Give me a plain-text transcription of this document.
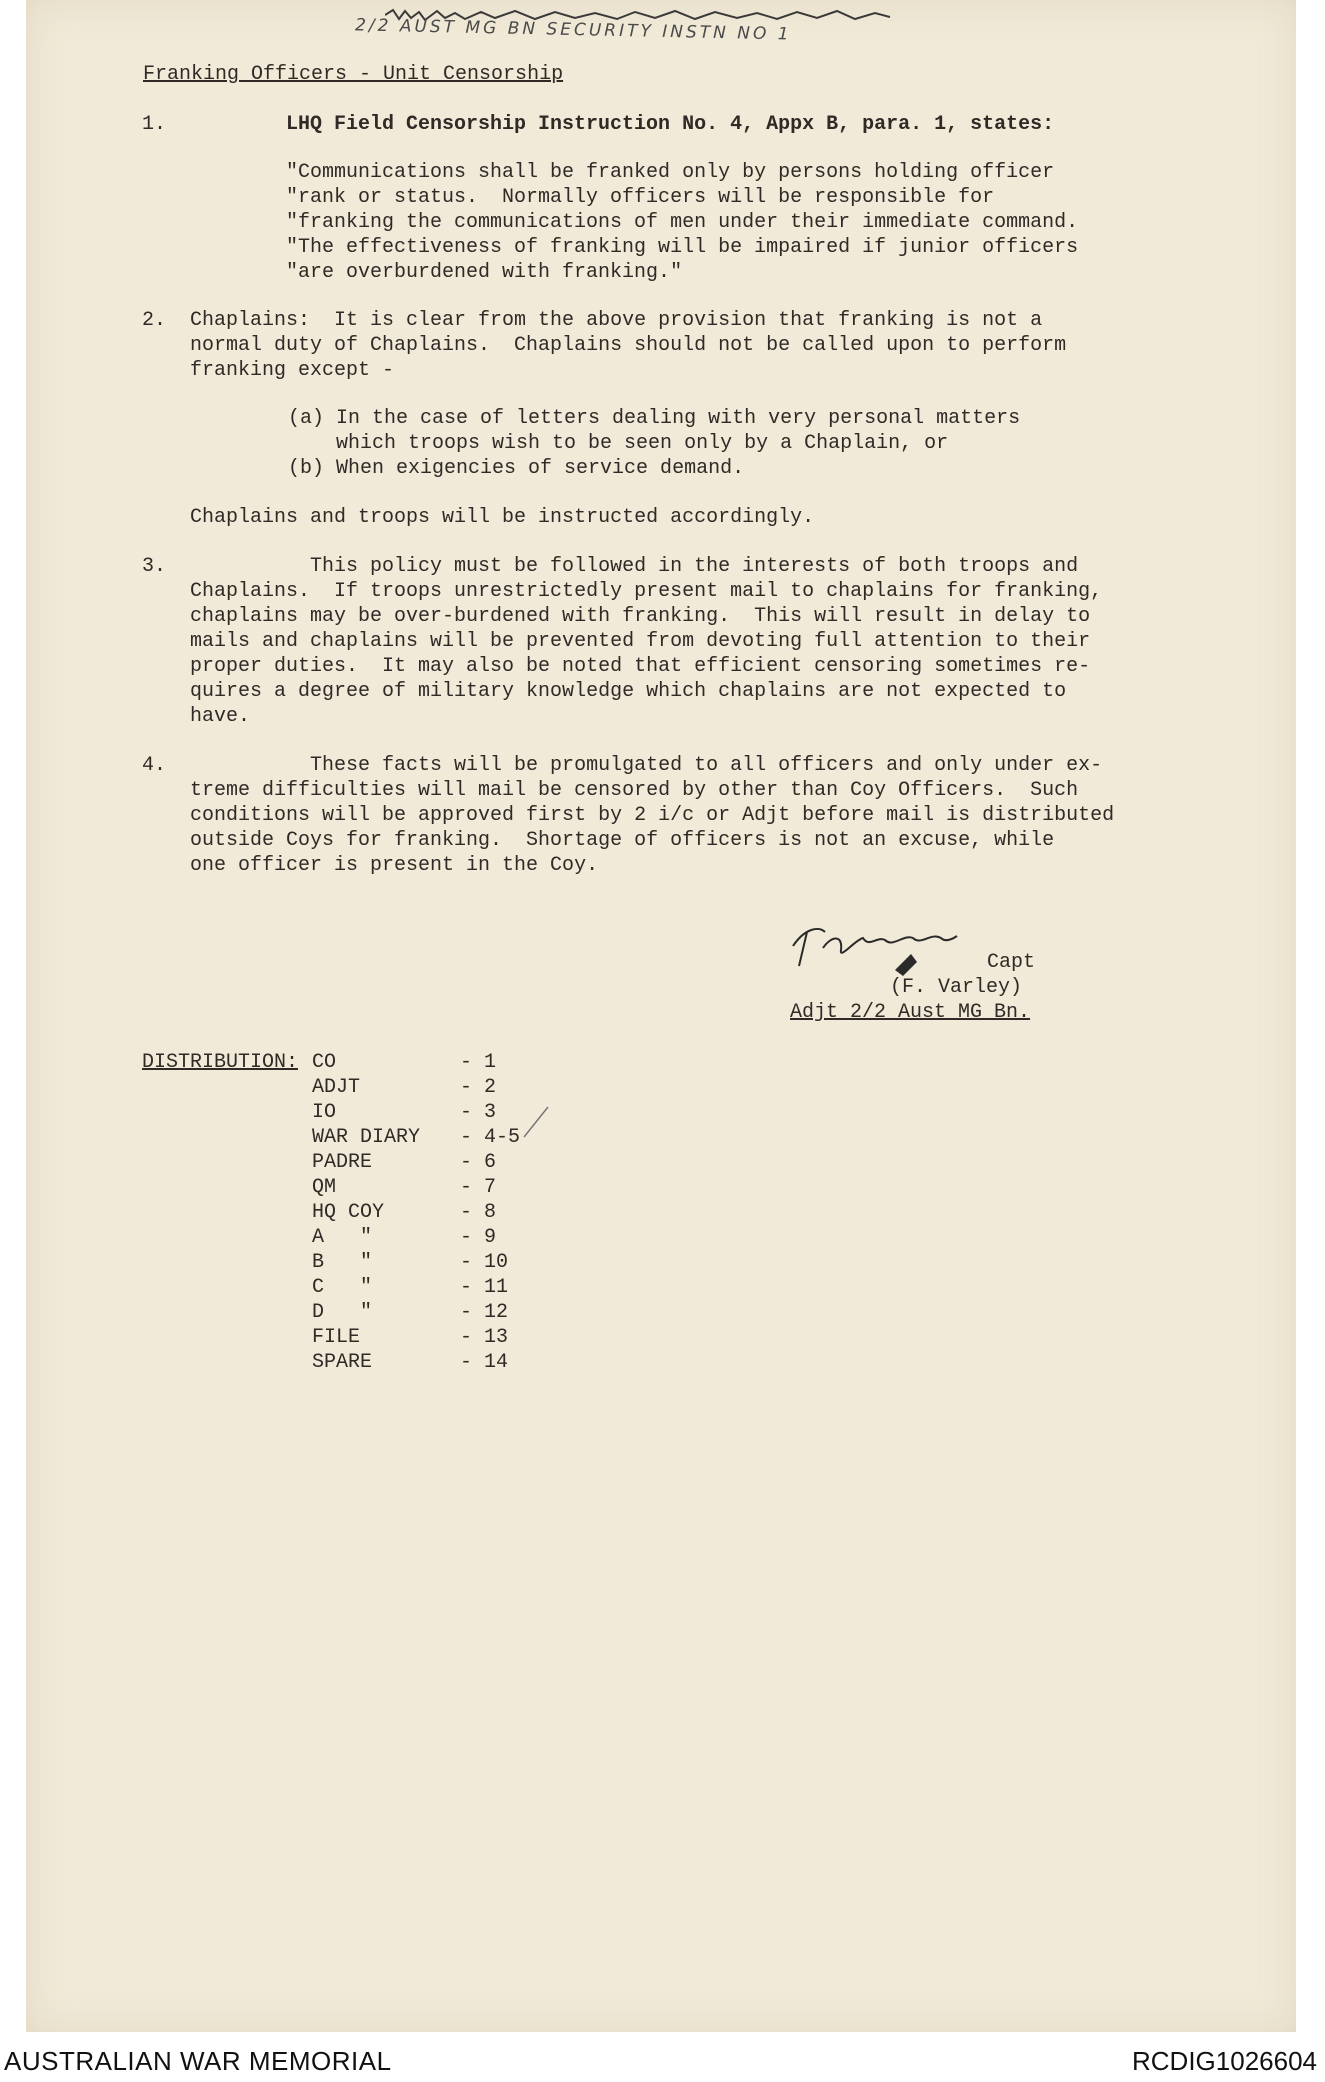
2/2 AUST MG BN SECURITY INSTN NO 1
Franking Officers - Unit Censorship
1.	LHQ Field Censorship Instruction No. 4, Appx B, para. 1, states:
"Communications shall be franked only by persons holding officer
"rank or status.  Normally officers will be responsible for
"franking the communications of men under their immediate command.
"The effectiveness of franking will be impaired if junior officers
"are overburdened with franking."
2. Chaplains:  It is clear from the above provision that franking is not a
normal duty of Chaplains.  Chaplains should not be called upon to perform
franking except -
(a) In the case of letters dealing with very personal matters
which troops wish to be seen only by a Chaplain, or
(b) When exigencies of service demand.
Chaplains and troops will be instructed accordingly.
3.	This policy must be followed in the interests of both troops and
Chaplains.  If troops unrestrictedly present mail to chaplains for franking,
chaplains may be over-burdened with franking.  This will result in delay to
mails and chaplains will be prevented from devoting full attention to their
proper duties.  It may also be noted that efficient censoring sometimes re-
quires a degree of military knowledge which chaplains are not expected to
have.
4.	These facts will be promulgated to all officers and only under ex-
treme difficulties will mail be censored by other than Coy Officers.  Such
conditions will be approved first by 2 i/c or Adjt before mail is distributed
outside Coys for franking.  Shortage of officers is not an excuse, while
one officer is present in the Coy.
Capt
(F. Varley)
Adjt 2/2 Aust MG Bn.
DISTRIBUTION: CO	- 1
ADJT	- 2
IO	- 3
WAR DIARY - 4-5
PADRE	- 6
QM	- 7
HQ COY	- 8
A   "	- 9
B   "	- 10
C   "	- 11
D   "	- 12
FILE	- 13
SPARE	- 14
AUSTRALIAN WAR MEMORIAL	RCDIG1026604
